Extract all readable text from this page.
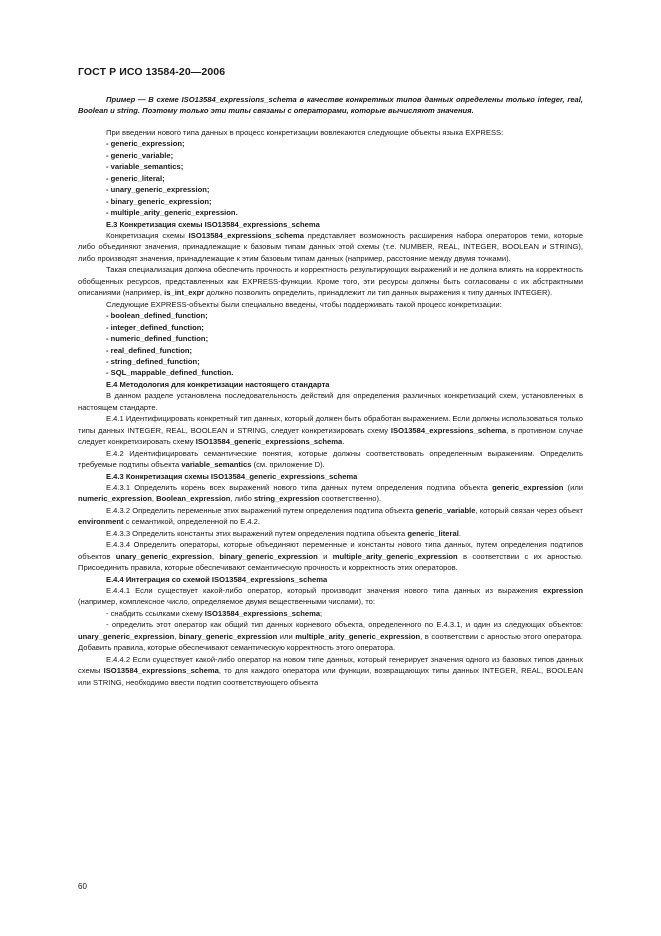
ГОСТ Р ИСО 13584-20—2006

Пример — В схеме ISO13584_expressions_schema в качестве конкретных типов данных определены только integer, real, Boolean и string. Поэтому только эти типы связаны с операторами, которые вычисляют значения.

При введении нового типа данных в процесс конкретизации вовлекаются следующие объекты языка EXPRESS:

- generic_expression;

- generic_variable;

- variable_semantics;

- generic_literal;

- unary_generic_expression;

- binary_generic_expression;

- multiple_arity_generic_expression.

E.3 Конкретизация схемы ISO13584_expressions_schema

Конкретизация схемы ISO13584_expressions_schema представляет возможность расширения набора операторов теми, которые либо объединяют значения, принадлежащие к базовым типам данных этой схемы (т.е. NUMBER, REAL, INTEGER, BOOLEAN и STRING), либо производят значения, принадлежащие к этим базовым типам данных (например, расстояние между двумя точками).

Такая специализация должна обеспечить прочность и корректность результирующих выражений и не должна влиять на корректность обобщенных ресурсов, представленных как EXPRESS-функции. Кроме того, эти ресурсы должны быть согласованы с их абстрактными описаниями (например, is_int_expr должно позволить определить, принадлежит ли тип данных выражения к типу данных INTEGER).

Следующие EXPRESS-объекты были специально введены, чтобы поддерживать такой процесс конкретизации:

- boolean_defined_function;

- integer_defined_function;

- numeric_defined_function;

- real_defined_function;

- string_defined_function;

- SQL_mappable_defined_function.

E.4 Методология для конкретизации настоящего стандарта

В данном разделе установлена последовательность действий для определения различных конкретизаций схем, установленных в настоящем стандарте.

E.4.1 Идентифицировать конкретный тип данных, который должен быть обработан выражением. Если должны использоваться только типы данных INTEGER, REAL, BOOLEAN и STRING, следует конкретизировать схему ISO13584_expressions_schema, в противном случае следует конкретизировать схему ISO13584_generic_expressions_schema.

E.4.2 Идентифицировать семантические понятия, которые должны соответствовать определенным выражениям. Определить требуемые подтипы объекта variable_semantics (см. приложение D).

E.4.3 Конкретизация схемы ISO13584_generic_expressions_schema

E.4.3.1 Определить корень всех выражений нового типа данных путем определения подтипа объекта generic_expression (или numeric_expression, Boolean_expression, либо string_expression соответственно).

E.4.3.2 Определить переменные этих выражений путем определения подтипа объекта generic_variable, который связан через объект environment с семантикой, определенной по E.4.2.

E.4.3.3 Определить константы этих выражений путем определения подтипа объекта generic_literal.

E.4.3.4 Определить операторы, которые объединяют переменные и константы нового типа данных, путем определения подтипов объектов unary_generic_expression, binary_generic_expression и multiple_arity_generic_expression в соответствии с их арностью. Присоединить правила, которые обеспечивают семантическую прочность и корректность этих операторов.

E.4.4 Интеграция со схемой ISO13584_expressions_schema

E.4.4.1 Если существует какой-либо оператор, который производит значения нового типа данных из выражения expression (например, комплексное число, определяемое двумя вещественными числами), то:

- снабдить ссылками схему ISO13584_expressions_schema;

- определить этот оператор как общий тип данных корневого объекта, определенного по E.4.3.1, и один из следующих объектов: unary_generic_expression, binary_generic_expression или multiple_arity_generic_expression, в соответствии с арностью этого оператора. Добавить правила, которые обеспечивают семантическую корректность этого оператора.

E.4.4.2 Если существует какой-либо оператор на новом типе данных, который генерирует значения одного из базовых типов данных схемы ISO13584_expressions_schema, то для каждого оператора или функции, возвращающих типы данных INTEGER, REAL, BOOLEAN или STRING, необходимо ввести подтип соответствующего объекта

60
